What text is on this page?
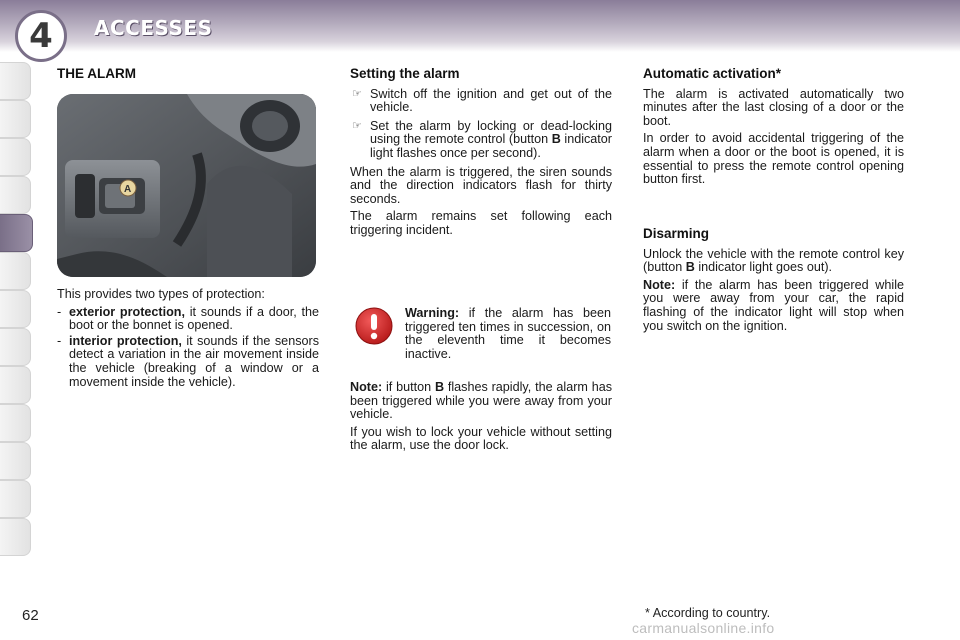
4 ACCESSES
THE ALARM
A

This provides two types of protection:

- exterior protection, it sounds if a door, the boot or the bonnet is opened.
- interior protection, it sounds if the sensors detect a variation in the air movement inside the vehicle (breaking of a window or a movement inside the vehicle).
Setting the alarm
☞ Switch off the ignition and get out of the vehicle.
☞ Set the alarm by locking or dead-locking using the remote control (button B indicator light flashes once per second).

When the alarm is triggered, the siren sounds and the direction indicators flash for thirty seconds.

The alarm remains set following each triggering incident.

Warning: if the alarm has been triggered ten times in succession, on the eleventh time it becomes inactive.

Note: if button B flashes rapidly, the alarm has been triggered while you were away from your vehicle.

If you wish to lock your vehicle without setting the alarm, use the door lock.

Automatic activation*

The alarm is activated automatically two minutes after the last closing of a door or the boot.

In order to avoid accidental triggering of the alarm when a door or the boot is opened, it is essential to press the remote control opening button first.

Disarming

Unlock the vehicle with the remote control key (button B indicator light goes out).

Note: if the alarm has been triggered while you were away from your car, the rapid flashing of the indicator light will stop when you switch on the ignition.

62	* According to country.
carmanualsonline.info
